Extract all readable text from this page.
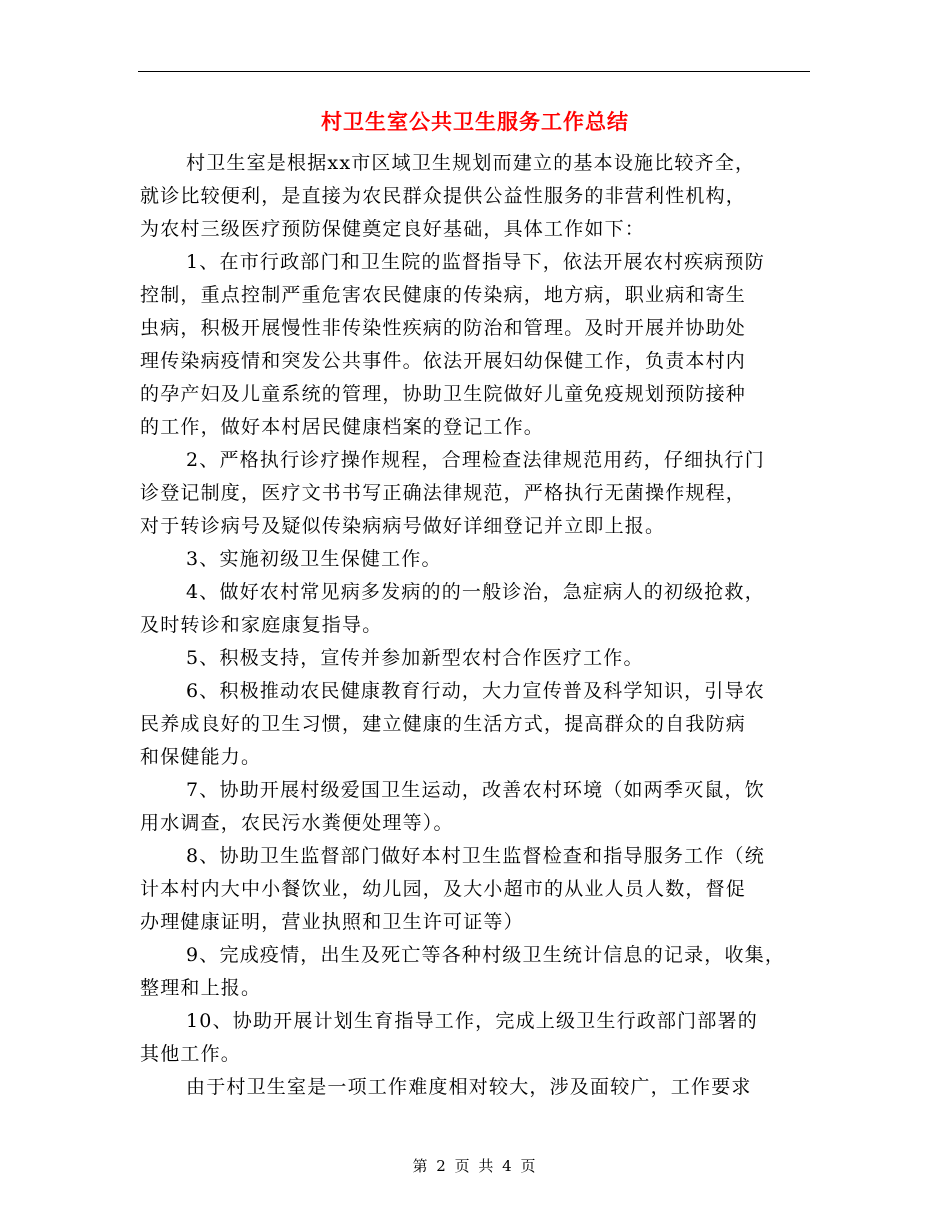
村卫生室公共卫生服务工作总结
村卫生室是根据xx市区域卫生规划而建立的基本设施比较齐全，
就诊比较便利，是直接为农民群众提供公益性服务的非营利性机构，
为农村三级医疗预防保健奠定良好基础，具体工作如下：
1、在市行政部门和卫生院的监督指导下，依法开展农村疾病预防
控制，重点控制严重危害农民健康的传染病，地方病，职业病和寄生
虫病，积极开展慢性非传染性疾病的防治和管理。及时开展并协助处
理传染病疫情和突发公共事件。依法开展妇幼保健工作，负责本村内
的孕产妇及儿童系统的管理，协助卫生院做好儿童免疫规划预防接种
的工作，做好本村居民健康档案的登记工作。
2、严格执行诊疗操作规程，合理检查法律规范用药，仔细执行门
诊登记制度，医疗文书书写正确法律规范，严格执行无菌操作规程，
对于转诊病号及疑似传染病病号做好详细登记并立即上报。
3、实施初级卫生保健工作。
4、做好农村常见病多发病的的一般诊治，急症病人的初级抢救，
及时转诊和家庭康复指导。
5、积极支持，宣传并参加新型农村合作医疗工作。
6、积极推动农民健康教育行动，大力宣传普及科学知识，引导农
民养成良好的卫生习惯，建立健康的生活方式，提高群众的自我防病
和保健能力。
7、协助开展村级爱国卫生运动，改善农村环境（如两季灭鼠，饮
用水调查，农民污水粪便处理等）。
8、协助卫生监督部门做好本村卫生监督检查和指导服务工作（统
计本村内大中小餐饮业，幼儿园，及大小超市的从业人员人数，督促
办理健康证明，营业执照和卫生许可证等）
9、完成疫情，出生及死亡等各种村级卫生统计信息的记录，收集，
整理和上报。
10、协助开展计划生育指导工作，完成上级卫生行政部门部署的
其他工作。
由于村卫生室是一项工作难度相对较大，涉及面较广，工作要求
第 2 页 共 4 页
